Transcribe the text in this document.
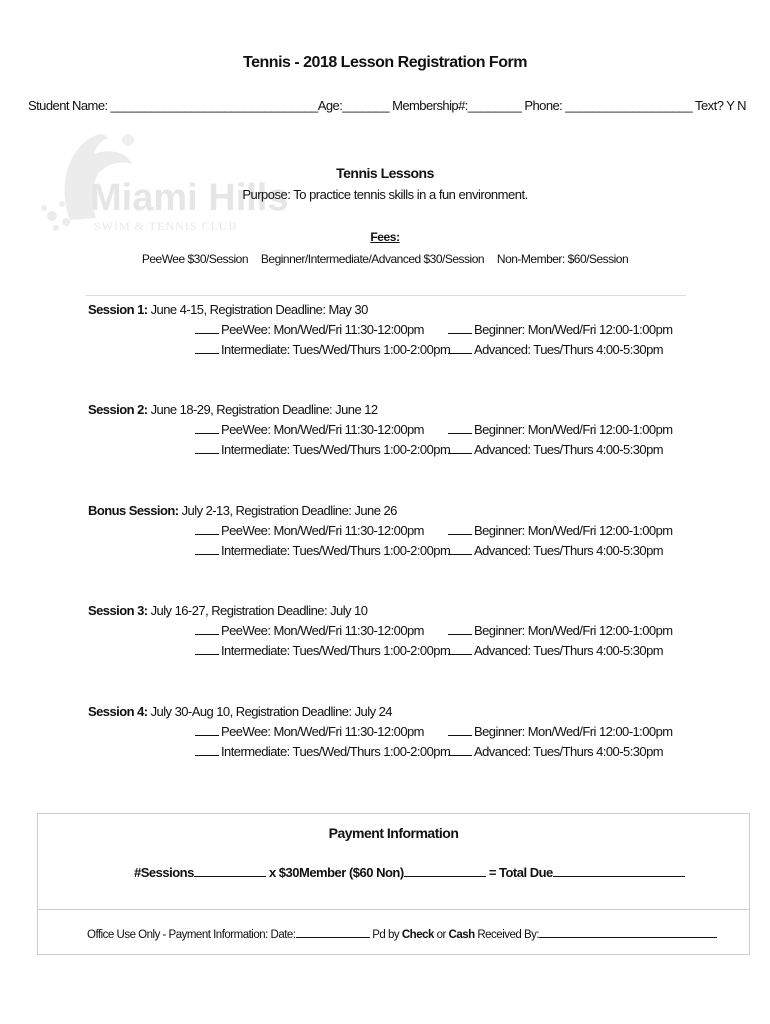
Tennis - 2018 Lesson Registration Form
Student Name: _______________________________Age:_______ Membership#:________ Phone: ___________________ Text? Y N
Miami Hills
SWIM & TENNIS CLUB
Tennis Lessons
Purpose: To practice tennis skills in a fun environment.
Fees:
PeeWee $30/Session Beginner/Intermediate/Advanced $30/Session Non-Member: $60/Session
Session 1: June 4-15, Registration Deadline: May 30
PeeWee: Mon/Wed/Fri 11:30-12:00pm	Beginner: Mon/Wed/Fri 12:00-1:00pm
Intermediate: Tues/Wed/Thurs 1:00-2:00pm	Advanced: Tues/Thurs 4:00-5:30pm
Session 2: June 18-29, Registration Deadline: June 12
PeeWee: Mon/Wed/Fri 11:30-12:00pm	Beginner: Mon/Wed/Fri 12:00-1:00pm
Intermediate: Tues/Wed/Thurs 1:00-2:00pm	Advanced: Tues/Thurs 4:00-5:30pm
Bonus Session: July 2-13, Registration Deadline: June 26
PeeWee: Mon/Wed/Fri 11:30-12:00pm	Beginner: Mon/Wed/Fri 12:00-1:00pm
Intermediate: Tues/Wed/Thurs 1:00-2:00pm	Advanced: Tues/Thurs 4:00-5:30pm
Session 3: July 16-27, Registration Deadline: July 10
PeeWee: Mon/Wed/Fri 11:30-12:00pm	Beginner: Mon/Wed/Fri 12:00-1:00pm
Intermediate: Tues/Wed/Thurs 1:00-2:00pm	Advanced: Tues/Thurs 4:00-5:30pm
Session 4: July 30-Aug 10, Registration Deadline: July 24
PeeWee: Mon/Wed/Fri 11:30-12:00pm	Beginner: Mon/Wed/Fri 12:00-1:00pm
Intermediate: Tues/Wed/Thurs 1:00-2:00pm	Advanced: Tues/Thurs 4:00-5:30pm
Payment Information
#Sessions	x $30Member ($60 Non)	= Total Due
Office Use Only - Payment Information: Date:	Pd by Check or Cash Received By:
